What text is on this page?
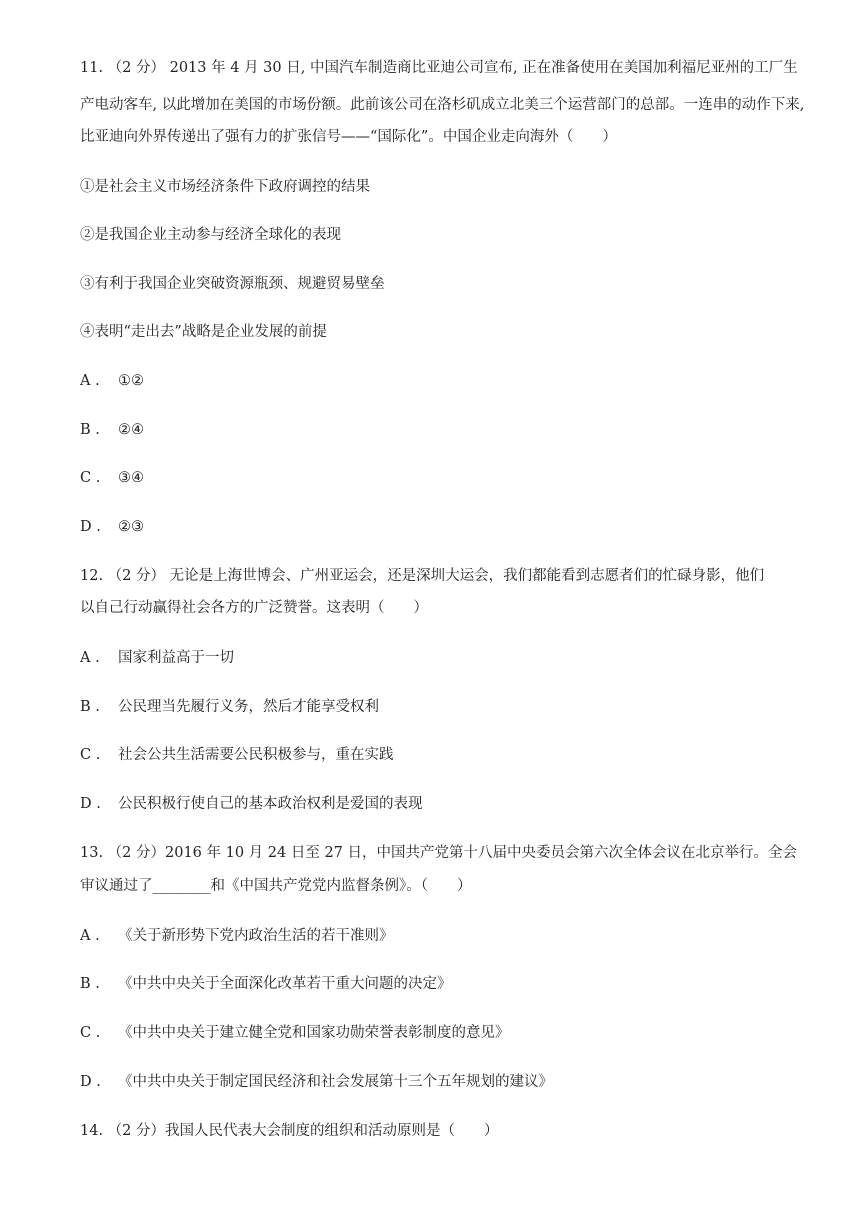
11. （2 分） 2013 年 4 月 30 日, 中国汽车制造商比亚迪公司宣布, 正在准备使用在美国加利福尼亚州的工厂生
产电动客车, 以此增加在美国的市场份额。此前该公司在洛杉矶成立北美三个运营部门的总部。一连串的动作下来,
比亚迪向外界传递出了强有力的扩张信号——“国际化”。中国企业走向海外（　　）
①是社会主义市场经济条件下政府调控的结果
②是我国企业主动参与经济全球化的表现
③有利于我国企业突破资源瓶颈、规避贸易壁垒
④表明“走出去”战略是企业发展的前提
A . ①②
B . ②④
C . ③④
D . ②③
12. （2 分） 无论是上海世博会、广州亚运会，还是深圳大运会，我们都能看到志愿者们的忙碌身影，他们
以自己行动赢得社会各方的广泛赞誉。这表明（　　）
A . 国家利益高于一切
B . 公民理当先履行义务，然后才能享受权利
C . 社会公共生活需要公民积极参与，重在实践
D . 公民积极行使自己的基本政治权利是爱国的表现
13. （2 分）2016 年 10 月 24 日至 27 日，中国共产党第十八届中央委员会第六次全体会议在北京举行。全会
审议通过了________和《中国共产党党内监督条例》。（　　）
A . 《关于新形势下党内政治生活的若干准则》
B . 《中共中央关于全面深化改革若干重大问题的决定》
C . 《中共中央关于建立健全党和国家功勋荣誉表彰制度的意见》
D . 《中共中央关于制定国民经济和社会发展第十三个五年规划的建议》
14. （2 分）我国人民代表大会制度的组织和活动原则是（　　）
